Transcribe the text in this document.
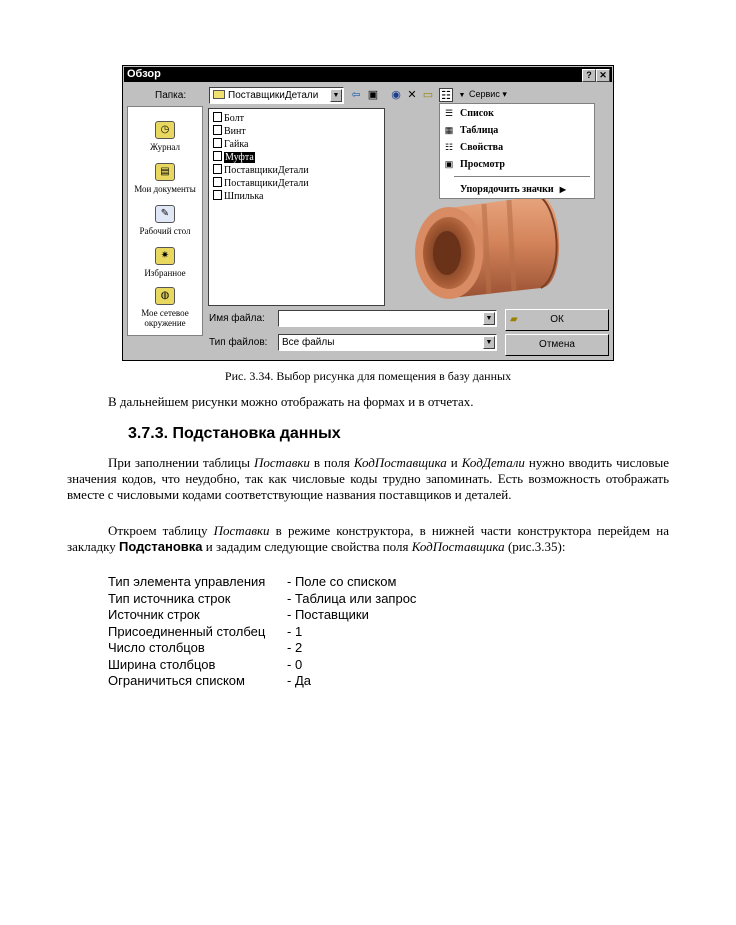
Обзор	? ✕
Папка:	ПоставщикиДетали	▼ ⇦ ▣ ◉ ✕ ▭ ☷	▼ Сервис ▾
◷
Журнал
▤
Мои документы
✎
Рабочий стол
✷
Избранное
◍
Мое сетевое окружение
Болт
Винт
Гайка
Муфта
ПоставщикиДетали
ПоставщикиДетали
Шпилька
☰ Список
▦ Таблица
☷ Свойства
▣ Просмотр
Упорядочить значки ▶
Имя файла:	▼
Тип файлов:	Все файлы	▼
▰	ОК
Отмена
Рис. 3.34. Выбор рисунка для помещения в базу данных
В дальнейшем рисунки можно отображать на формах и в отчетах.
3.7.3. Подстановка данных
При заполнении таблицы Поставки в поля КодПоставщика и КодДетали нужно вводить числовые значения кодов, что неудобно, так как числовые коды трудно запоминать. Есть возможность отображать вместе с числовыми кодами соответствующие названия поставщиков и деталей.
Откроем таблицу Поставки в режиме конструктора, в нижней части конструктора перейдем на закладку Подстановка и зададим следующие свойства поля КодПоставщика (рис.3.35):
Тип элемента управления - Поле со списком
Тип источника строк	- Таблица или запрос
Источник строк	- Поставщики
Присоединенный столбец - 1
Число столбцов	- 2
Ширина столбцов	- 0
Ограничиться списком	- Да
